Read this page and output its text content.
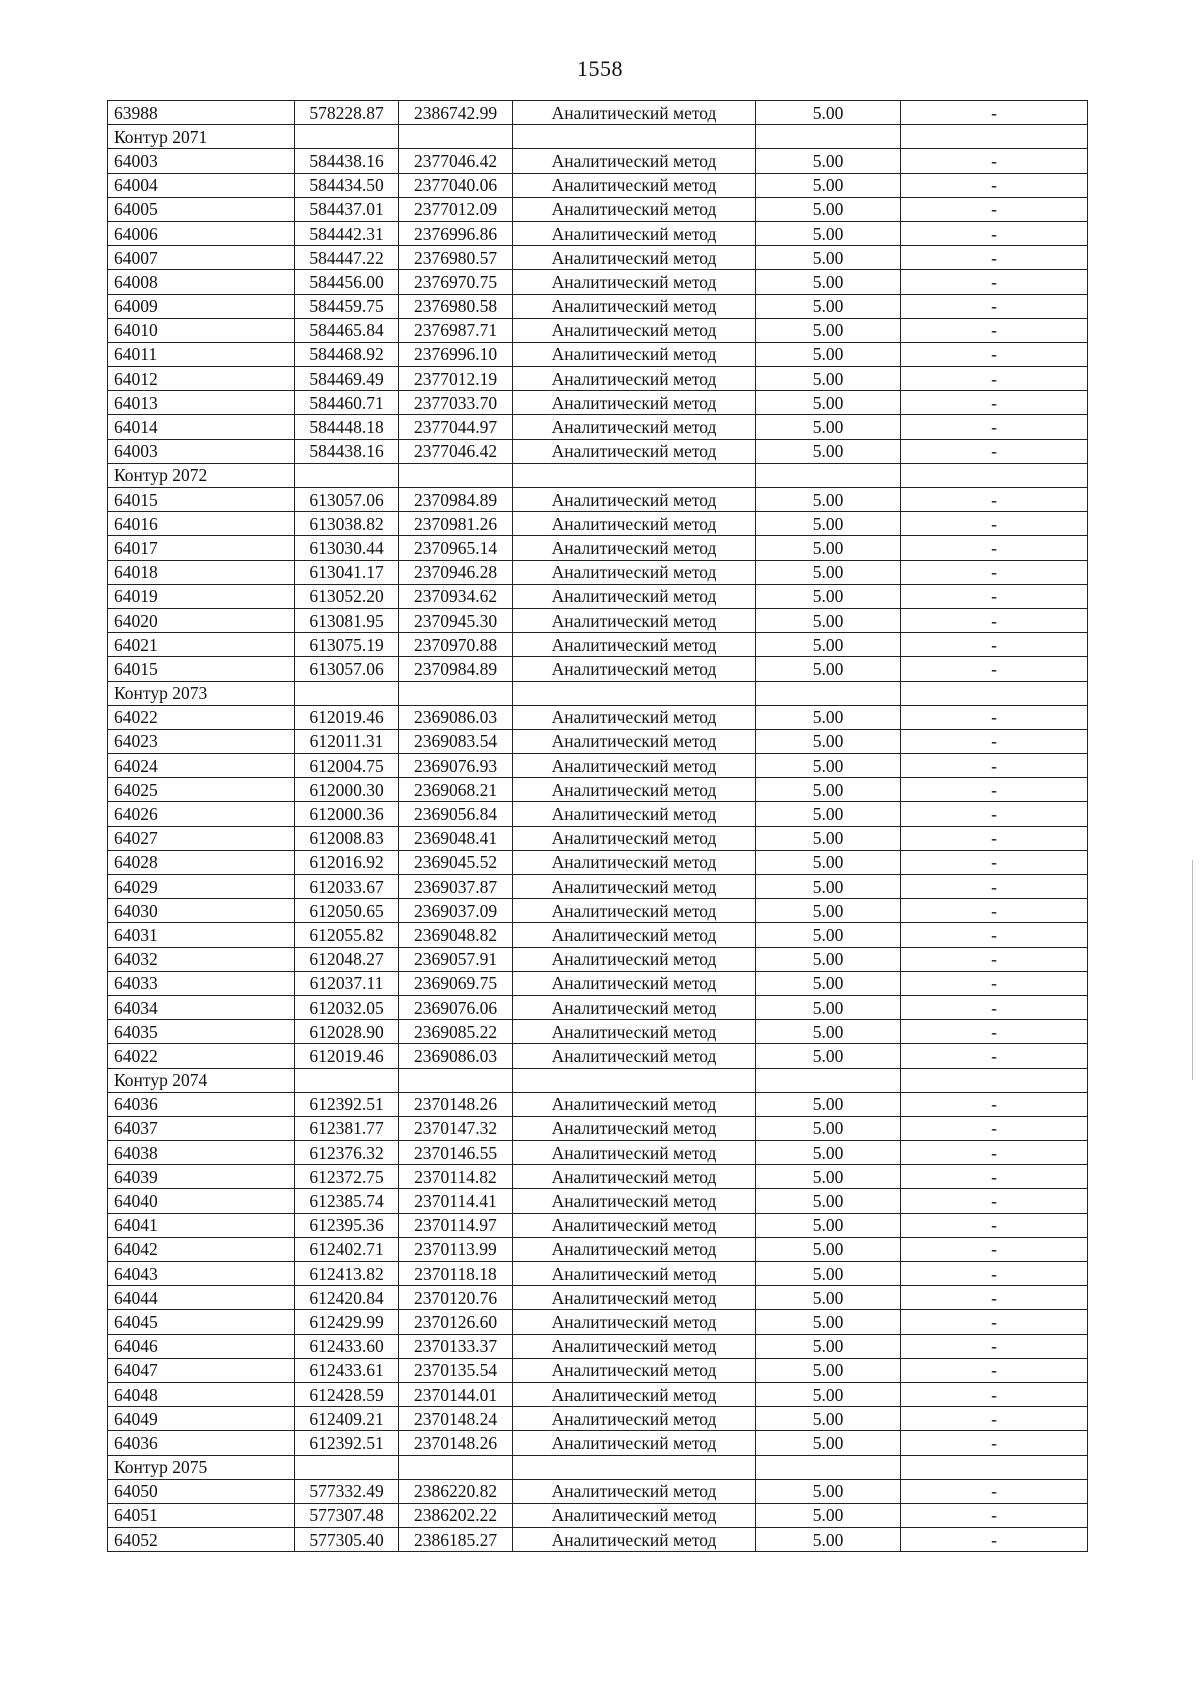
1558
63988	578228.87	2386742.99	Аналитический метод	5.00	-
Контур 2071					
64003	584438.16	2377046.42	Аналитический метод	5.00	-
64004	584434.50	2377040.06	Аналитический метод	5.00	-
64005	584437.01	2377012.09	Аналитический метод	5.00	-
64006	584442.31	2376996.86	Аналитический метод	5.00	-
64007	584447.22	2376980.57	Аналитический метод	5.00	-
64008	584456.00	2376970.75	Аналитический метод	5.00	-
64009	584459.75	2376980.58	Аналитический метод	5.00	-
64010	584465.84	2376987.71	Аналитический метод	5.00	-
64011	584468.92	2376996.10	Аналитический метод	5.00	-
64012	584469.49	2377012.19	Аналитический метод	5.00	-
64013	584460.71	2377033.70	Аналитический метод	5.00	-
64014	584448.18	2377044.97	Аналитический метод	5.00	-
64003	584438.16	2377046.42	Аналитический метод	5.00	-
Контур 2072					
64015	613057.06	2370984.89	Аналитический метод	5.00	-
64016	613038.82	2370981.26	Аналитический метод	5.00	-
64017	613030.44	2370965.14	Аналитический метод	5.00	-
64018	613041.17	2370946.28	Аналитический метод	5.00	-
64019	613052.20	2370934.62	Аналитический метод	5.00	-
64020	613081.95	2370945.30	Аналитический метод	5.00	-
64021	613075.19	2370970.88	Аналитический метод	5.00	-
64015	613057.06	2370984.89	Аналитический метод	5.00	-
Контур 2073					
64022	612019.46	2369086.03	Аналитический метод	5.00	-
64023	612011.31	2369083.54	Аналитический метод	5.00	-
64024	612004.75	2369076.93	Аналитический метод	5.00	-
64025	612000.30	2369068.21	Аналитический метод	5.00	-
64026	612000.36	2369056.84	Аналитический метод	5.00	-
64027	612008.83	2369048.41	Аналитический метод	5.00	-
64028	612016.92	2369045.52	Аналитический метод	5.00	-
64029	612033.67	2369037.87	Аналитический метод	5.00	-
64030	612050.65	2369037.09	Аналитический метод	5.00	-
64031	612055.82	2369048.82	Аналитический метод	5.00	-
64032	612048.27	2369057.91	Аналитический метод	5.00	-
64033	612037.11	2369069.75	Аналитический метод	5.00	-
64034	612032.05	2369076.06	Аналитический метод	5.00	-
64035	612028.90	2369085.22	Аналитический метод	5.00	-
64022	612019.46	2369086.03	Аналитический метод	5.00	-
Контур 2074					
64036	612392.51	2370148.26	Аналитический метод	5.00	-
64037	612381.77	2370147.32	Аналитический метод	5.00	-
64038	612376.32	2370146.55	Аналитический метод	5.00	-
64039	612372.75	2370114.82	Аналитический метод	5.00	-
64040	612385.74	2370114.41	Аналитический метод	5.00	-
64041	612395.36	2370114.97	Аналитический метод	5.00	-
64042	612402.71	2370113.99	Аналитический метод	5.00	-
64043	612413.82	2370118.18	Аналитический метод	5.00	-
64044	612420.84	2370120.76	Аналитический метод	5.00	-
64045	612429.99	2370126.60	Аналитический метод	5.00	-
64046	612433.60	2370133.37	Аналитический метод	5.00	-
64047	612433.61	2370135.54	Аналитический метод	5.00	-
64048	612428.59	2370144.01	Аналитический метод	5.00	-
64049	612409.21	2370148.24	Аналитический метод	5.00	-
64036	612392.51	2370148.26	Аналитический метод	5.00	-
Контур 2075					
64050	577332.49	2386220.82	Аналитический метод	5.00	-
64051	577307.48	2386202.22	Аналитический метод	5.00	-
64052	577305.40	2386185.27	Аналитический метод	5.00	-
